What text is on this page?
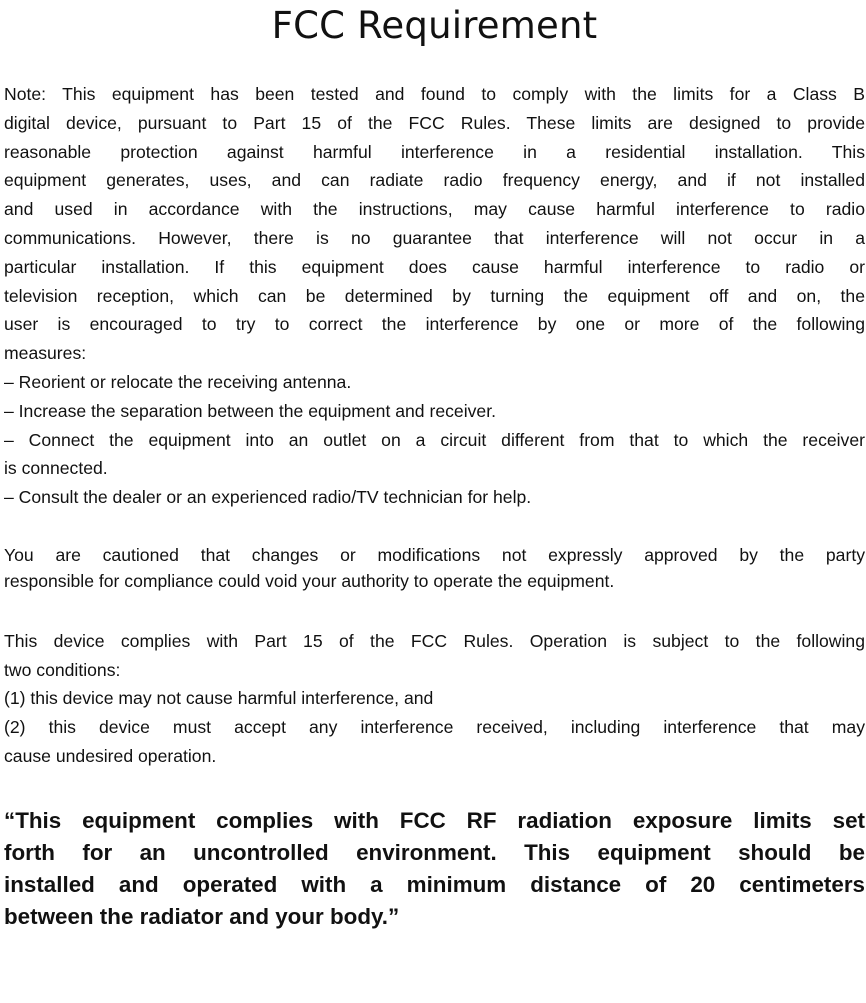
FCC Requirement
Note: This equipment has been tested and found to comply with the limits for a Class B
digital device, pursuant to Part 15 of the FCC Rules. These limits are designed to provide
reasonable protection against harmful interference in a residential installation. This
equipment generates, uses, and can radiate radio frequency energy, and if not installed
and used in accordance with the instructions, may cause harmful interference to radio
communications. However, there is no guarantee that interference will not occur in a
particular installation. If this equipment does cause harmful interference to radio or
television reception, which can be determined by turning the equipment off and on, the
user is encouraged to try to correct the interference by one or more of the following
measures:
– Reorient or relocate the receiving antenna.
– Increase the separation between the equipment and receiver.
– Connect the equipment into an outlet on a circuit different from that to which the receiver
is connected.
– Consult the dealer or an experienced radio/TV technician for help.
You are cautioned that changes or modifications not expressly approved by the party
responsible for compliance could void your authority to operate the equipment.
This device complies with Part 15 of the FCC Rules. Operation is subject to the following
two conditions:
(1) this device may not cause harmful interference, and
(2) this device must accept any interference received, including interference that may
cause undesired operation.
“This equipment complies with FCC RF radiation exposure limits set
forth for an uncontrolled environment. This equipment should be
installed and operated with a minimum distance of 20 centimeters
between the radiator and your body.”
